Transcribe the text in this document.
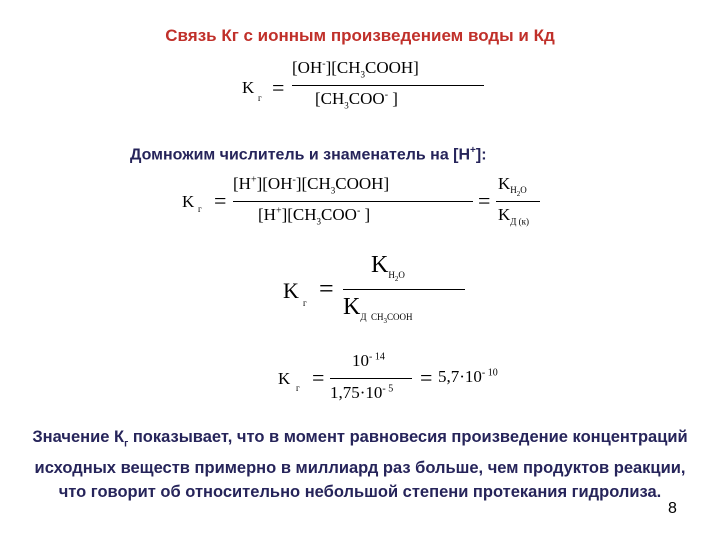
Связь Кг с ионным произведением воды и Кд
K
г =
$[OH^-][CH_3COOH]$
[$CH_3COO^-$ ]
Домножим числитель и знаменатель на [H+]:
K г =
$[H^+][OH^-][CH_3COOH]$
$[H^+][CH_3COO^-$ ]
=
$K_{H_2O}$
$K_{Д (к)}$
K г =
$K_{H_2O}$
$K_{Д CH_3COOH}$
K г =
$10^{- 14}$
$1,75\cdot 10^{- 5} = 5,7\cdot 10^{- 10}$
Значение $К_г$ показывает, что в момент равновесия произведение концентраций исходных веществ примерно в миллиард раз больше, чем продуктов реакции, что говорит об относительно небольшой степени протекания гидролиза.
8
